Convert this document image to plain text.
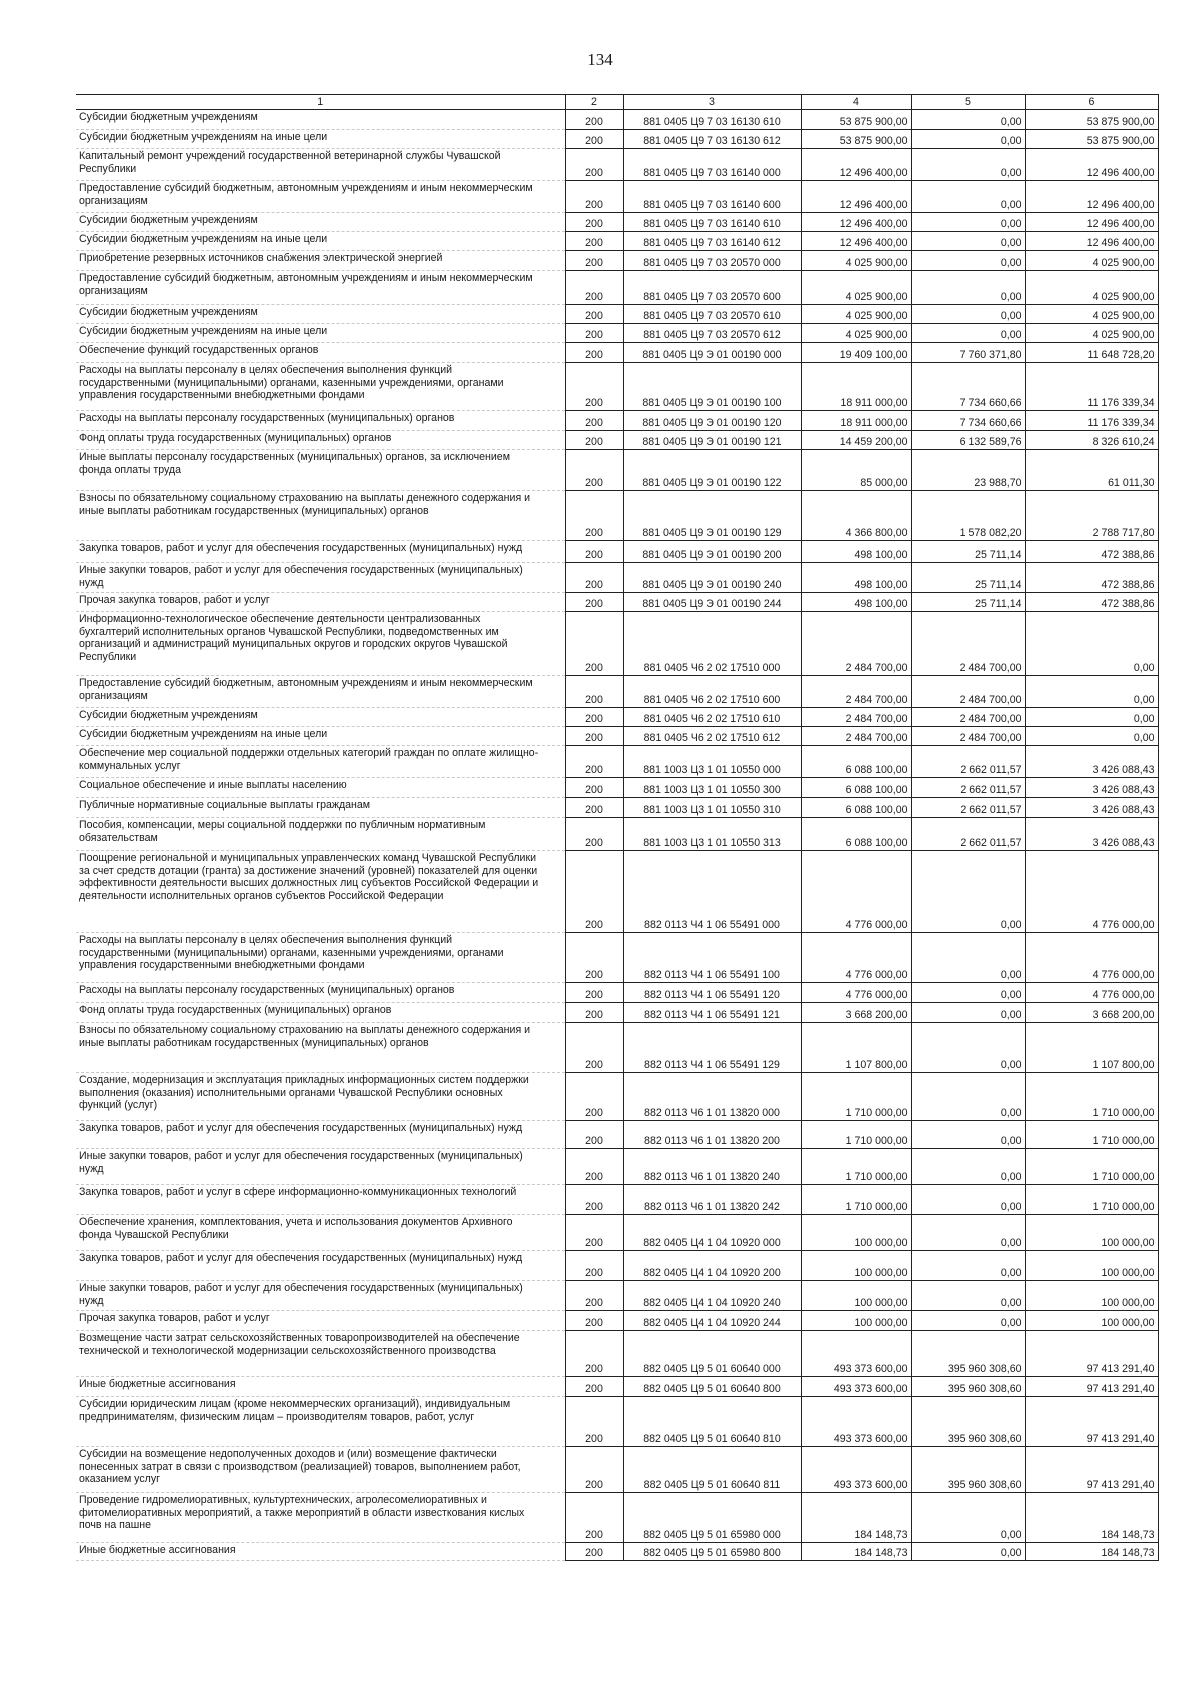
134
1	2	3	4	5	6
Субсидии бюджетным учреждениям	200	881 0405 Ц9 7 03 16130 610	53 875 900,00	0,00	53 875 900,00
Субсидии бюджетным учреждениям на иные цели	200	881 0405 Ц9 7 03 16130 612	53 875 900,00	0,00	53 875 900,00
Капитальный ремонт учреждений государственной ветеринарной службы Чувашской Республики	200	881 0405 Ц9 7 03 16140 000	12 496 400,00	0,00	12 496 400,00
Предоставление субсидий бюджетным, автономным учреждениям и иным некоммерческим организациям	200	881 0405 Ц9 7 03 16140 600	12 496 400,00	0,00	12 496 400,00
Субсидии бюджетным учреждениям	200	881 0405 Ц9 7 03 16140 610	12 496 400,00	0,00	12 496 400,00
Субсидии бюджетным учреждениям на иные цели	200	881 0405 Ц9 7 03 16140 612	12 496 400,00	0,00	12 496 400,00
Приобретение резервных источников снабжения электрической энергией	200	881 0405 Ц9 7 03 20570 000	4 025 900,00	0,00	4 025 900,00
Предоставление субсидий бюджетным, автономным учреждениям и иным некоммерческим организациям	200	881 0405 Ц9 7 03 20570 600	4 025 900,00	0,00	4 025 900,00
Субсидии бюджетным учреждениям	200	881 0405 Ц9 7 03 20570 610	4 025 900,00	0,00	4 025 900,00
Субсидии бюджетным учреждениям на иные цели	200	881 0405 Ц9 7 03 20570 612	4 025 900,00	0,00	4 025 900,00
Обеспечение функций государственных органов	200	881 0405 Ц9 Э 01 00190 000	19 409 100,00	7 760 371,80	11 648 728,20
Расходы на выплаты персоналу в целях обеспечения выполнения функций государственными (муниципальными) органами, казенными учреждениями, органами управления государственными внебюджетными фондами	200	881 0405 Ц9 Э 01 00190 100	18 911 000,00	7 734 660,66	11 176 339,34
Расходы на выплаты персоналу государственных (муниципальных) органов	200	881 0405 Ц9 Э 01 00190 120	18 911 000,00	7 734 660,66	11 176 339,34
Фонд оплаты труда государственных (муниципальных) органов	200	881 0405 Ц9 Э 01 00190 121	14 459 200,00	6 132 589,76	8 326 610,24
Иные выплаты персоналу государственных (муниципальных) органов, за исключением фонда оплаты труда	200	881 0405 Ц9 Э 01 00190 122	85 000,00	23 988,70	61 011,30
Взносы по обязательному социальному страхованию на выплаты денежного содержания и иные выплаты работникам государственных (муниципальных) органов	200	881 0405 Ц9 Э 01 00190 129	4 366 800,00	1 578 082,20	2 788 717,80
Закупка товаров, работ и услуг для обеспечения государственных (муниципальных) нужд	200	881 0405 Ц9 Э 01 00190 200	498 100,00	25 711,14	472 388,86
Иные закупки товаров, работ и услуг для обеспечения государственных (муниципальных) нужд	200	881 0405 Ц9 Э 01 00190 240	498 100,00	25 711,14	472 388,86
Прочая закупка товаров, работ и услуг	200	881 0405 Ц9 Э 01 00190 244	498 100,00	25 711,14	472 388,86
Информационно-технологическое обеспечение деятельности централизованных бухгалтерий исполнительных органов Чувашской Республики, подведомственных им организаций и администраций муниципальных округов и городских округов Чувашской Республики	200	881 0405 Ч6 2 02 17510 000	2 484 700,00	2 484 700,00	0,00
Предоставление субсидий бюджетным, автономным учреждениям и иным некоммерческим организациям	200	881 0405 Ч6 2 02 17510 600	2 484 700,00	2 484 700,00	0,00
Субсидии бюджетным учреждениям	200	881 0405 Ч6 2 02 17510 610	2 484 700,00	2 484 700,00	0,00
Субсидии бюджетным учреждениям на иные цели	200	881 0405 Ч6 2 02 17510 612	2 484 700,00	2 484 700,00	0,00
Обеспечение мер социальной поддержки отдельных категорий граждан по оплате жилищно-коммунальных услуг	200	881 1003 Ц3 1 01 10550 000	6 088 100,00	2 662 011,57	3 426 088,43
Социальное обеспечение и иные выплаты населению	200	881 1003 Ц3 1 01 10550 300	6 088 100,00	2 662 011,57	3 426 088,43
Публичные нормативные социальные выплаты гражданам	200	881 1003 Ц3 1 01 10550 310	6 088 100,00	2 662 011,57	3 426 088,43
Пособия, компенсации, меры социальной поддержки по публичным нормативным обязательствам	200	881 1003 Ц3 1 01 10550 313	6 088 100,00	2 662 011,57	3 426 088,43
Поощрение региональной и муниципальных управленческих команд Чувашской Республики за счет средств дотации (гранта) за достижение значений (уровней) показателей для оценки эффективности деятельности высших должностных лиц субъектов Российской Федерации и деятельности исполнительных органов субъектов Российской Федерации	200	882 0113 Ч4 1 06 55491 000	4 776 000,00	0,00	4 776 000,00
Расходы на выплаты персоналу в целях обеспечения выполнения функций государственными (муниципальными) органами, казенными учреждениями, органами управления государственными внебюджетными фондами	200	882 0113 Ч4 1 06 55491 100	4 776 000,00	0,00	4 776 000,00
Расходы на выплаты персоналу государственных (муниципальных) органов	200	882 0113 Ч4 1 06 55491 120	4 776 000,00	0,00	4 776 000,00
Фонд оплаты труда государственных (муниципальных) органов	200	882 0113 Ч4 1 06 55491 121	3 668 200,00	0,00	3 668 200,00
Взносы по обязательному социальному страхованию на выплаты денежного содержания и иные выплаты работникам государственных (муниципальных) органов	200	882 0113 Ч4 1 06 55491 129	1 107 800,00	0,00	1 107 800,00
Создание, модернизация и эксплуатация прикладных информационных систем поддержки выполнения (оказания) исполнительными органами Чувашской Республики основных функций (услуг)	200	882 0113 Ч6 1 01 13820 000	1 710 000,00	0,00	1 710 000,00
Закупка товаров, работ и услуг для обеспечения государственных (муниципальных) нужд	200	882 0113 Ч6 1 01 13820 200	1 710 000,00	0,00	1 710 000,00
Иные закупки товаров, работ и услуг для обеспечения государственных (муниципальных) нужд	200	882 0113 Ч6 1 01 13820 240	1 710 000,00	0,00	1 710 000,00
Закупка товаров, работ и услуг в сфере информационно-коммуникационных технологий	200	882 0113 Ч6 1 01 13820 242	1 710 000,00	0,00	1 710 000,00
Обеспечение хранения, комплектования, учета и использования документов Архивного фонда Чувашской Республики	200	882 0405 Ц4 1 04 10920 000	100 000,00	0,00	100 000,00
Закупка товаров, работ и услуг для обеспечения государственных (муниципальных) нужд	200	882 0405 Ц4 1 04 10920 200	100 000,00	0,00	100 000,00
Иные закупки товаров, работ и услуг для обеспечения государственных (муниципальных) нужд	200	882 0405 Ц4 1 04 10920 240	100 000,00	0,00	100 000,00
Прочая закупка товаров, работ и услуг	200	882 0405 Ц4 1 04 10920 244	100 000,00	0,00	100 000,00
Возмещение части затрат сельскохозяйственных товаропроизводителей на обеспечение технической и технологической модернизации сельскохозяйственного производства	200	882 0405 Ц9 5 01 60640 000	493 373 600,00	395 960 308,60	97 413 291,40
Иные бюджетные ассигнования	200	882 0405 Ц9 5 01 60640 800	493 373 600,00	395 960 308,60	97 413 291,40
Субсидии юридическим лицам (кроме некоммерческих организаций), индивидуальным предпринимателям, физическим лицам – производителям товаров, работ, услуг	200	882 0405 Ц9 5 01 60640 810	493 373 600,00	395 960 308,60	97 413 291,40
Субсидии на возмещение недополученных доходов и (или) возмещение фактически понесенных затрат в связи с производством (реализацией) товаров, выполнением работ, оказанием услуг	200	882 0405 Ц9 5 01 60640 811	493 373 600,00	395 960 308,60	97 413 291,40
Проведение гидромелиоративных, культуртехнических, агролесомелиоративных и фитомелиоративных мероприятий, а также мероприятий в области известкования кислых почв на пашне	200	882 0405 Ц9 5 01 65980 000	184 148,73	0,00	184 148,73
Иные бюджетные ассигнования	200	882 0405 Ц9 5 01 65980 800	184 148,73	0,00	184 148,73
